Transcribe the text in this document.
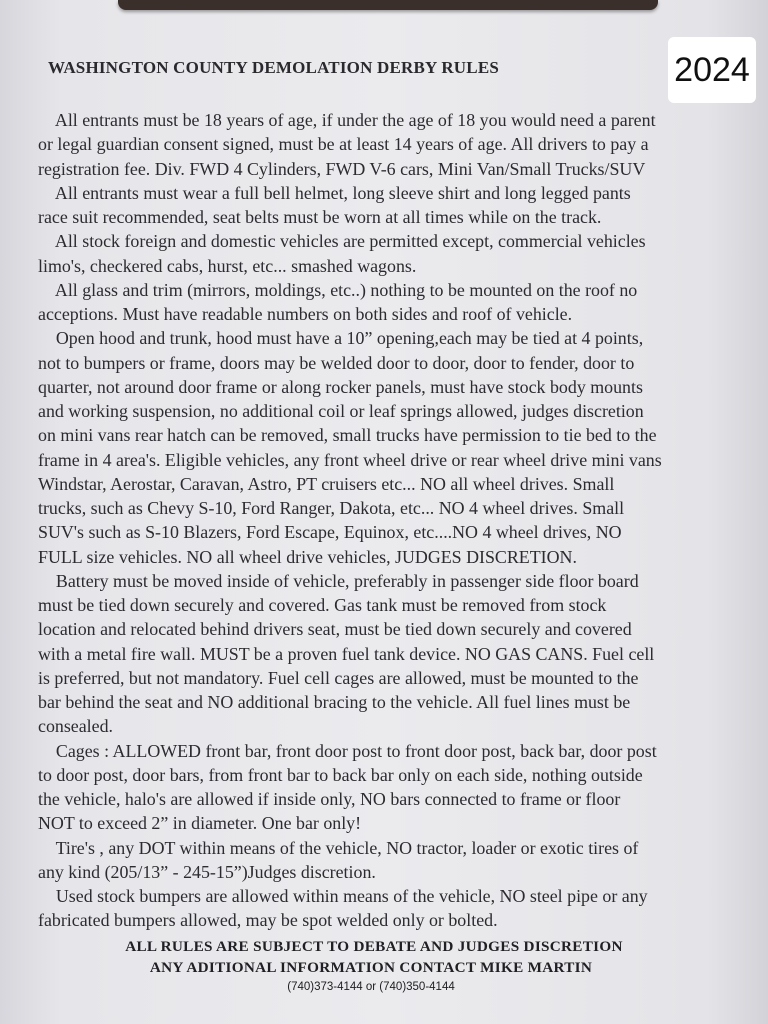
WASHINGTON COUNTY DEMOLATION DERBY RULES	2024
All entrants must be 18 years of age, if under the age of 18 you would need a parent
or legal guardian consent signed, must be at least 14 years of age. All drivers to pay a
registration fee. Div. FWD 4 Cylinders, FWD V-6 cars, Mini Van/Small Trucks/SUV
All entrants must wear a full bell helmet, long sleeve shirt and long legged pants
race suit recommended, seat belts must be worn at all times while on the track.
All stock foreign and domestic vehicles are permitted except, commercial vehicles
limo's, checkered cabs, hurst, etc... smashed wagons.
All glass and trim (mirrors, moldings, etc..) nothing to be mounted on the roof no
acceptions. Must have readable numbers on both sides and roof of vehicle.
Open hood and trunk, hood must have a 10” opening,each may be tied at 4 points,
not to bumpers or frame, doors may be welded door to door, door to fender, door to
quarter, not around door frame or along rocker panels, must have stock body mounts
and working suspension, no additional coil or leaf springs allowed, judges discretion
on mini vans rear hatch can be removed, small trucks have permission to tie bed to the
frame in 4 area's. Eligible vehicles, any front wheel drive or rear wheel drive mini vans
Windstar, Aerostar, Caravan, Astro, PT cruisers etc... NO all wheel drives. Small
trucks, such as Chevy S-10, Ford Ranger, Dakota, etc... NO 4 wheel drives. Small
SUV's such as S-10 Blazers, Ford Escape, Equinox, etc....NO 4 wheel drives, NO
FULL size vehicles. NO all wheel drive vehicles, JUDGES DISCRETION.
Battery must be moved inside of vehicle, preferably in passenger side floor board
must be tied down securely and covered. Gas tank must be removed from stock
location and relocated behind drivers seat, must be tied down securely and covered
with a metal fire wall. MUST be a proven fuel tank device. NO GAS CANS. Fuel cell
is preferred, but not mandatory. Fuel cell cages are allowed, must be mounted to the
bar behind the seat and NO additional bracing to the vehicle. All fuel lines must be
consealed.
Cages : ALLOWED front bar, front door post to front door post, back bar, door post
to door post, door bars, from front bar to back bar only on each side, nothing outside
the vehicle, halo's are allowed if inside only, NO bars connected to frame or floor
NOT to exceed 2” in diameter. One bar only!
Tire's , any DOT within means of the vehicle, NO tractor, loader or exotic tires of
any kind (205/13” - 245-15”)Judges discretion.
Used stock bumpers are allowed within means of the vehicle, NO steel pipe or any
fabricated bumpers allowed, may be spot welded only or bolted.
ALL RULES ARE SUBJECT TO DEBATE AND JUDGES DISCRETION
ANY ADITIONAL INFORMATION CONTACT MIKE MARTIN
(740)373-4144 or (740)350-4144
